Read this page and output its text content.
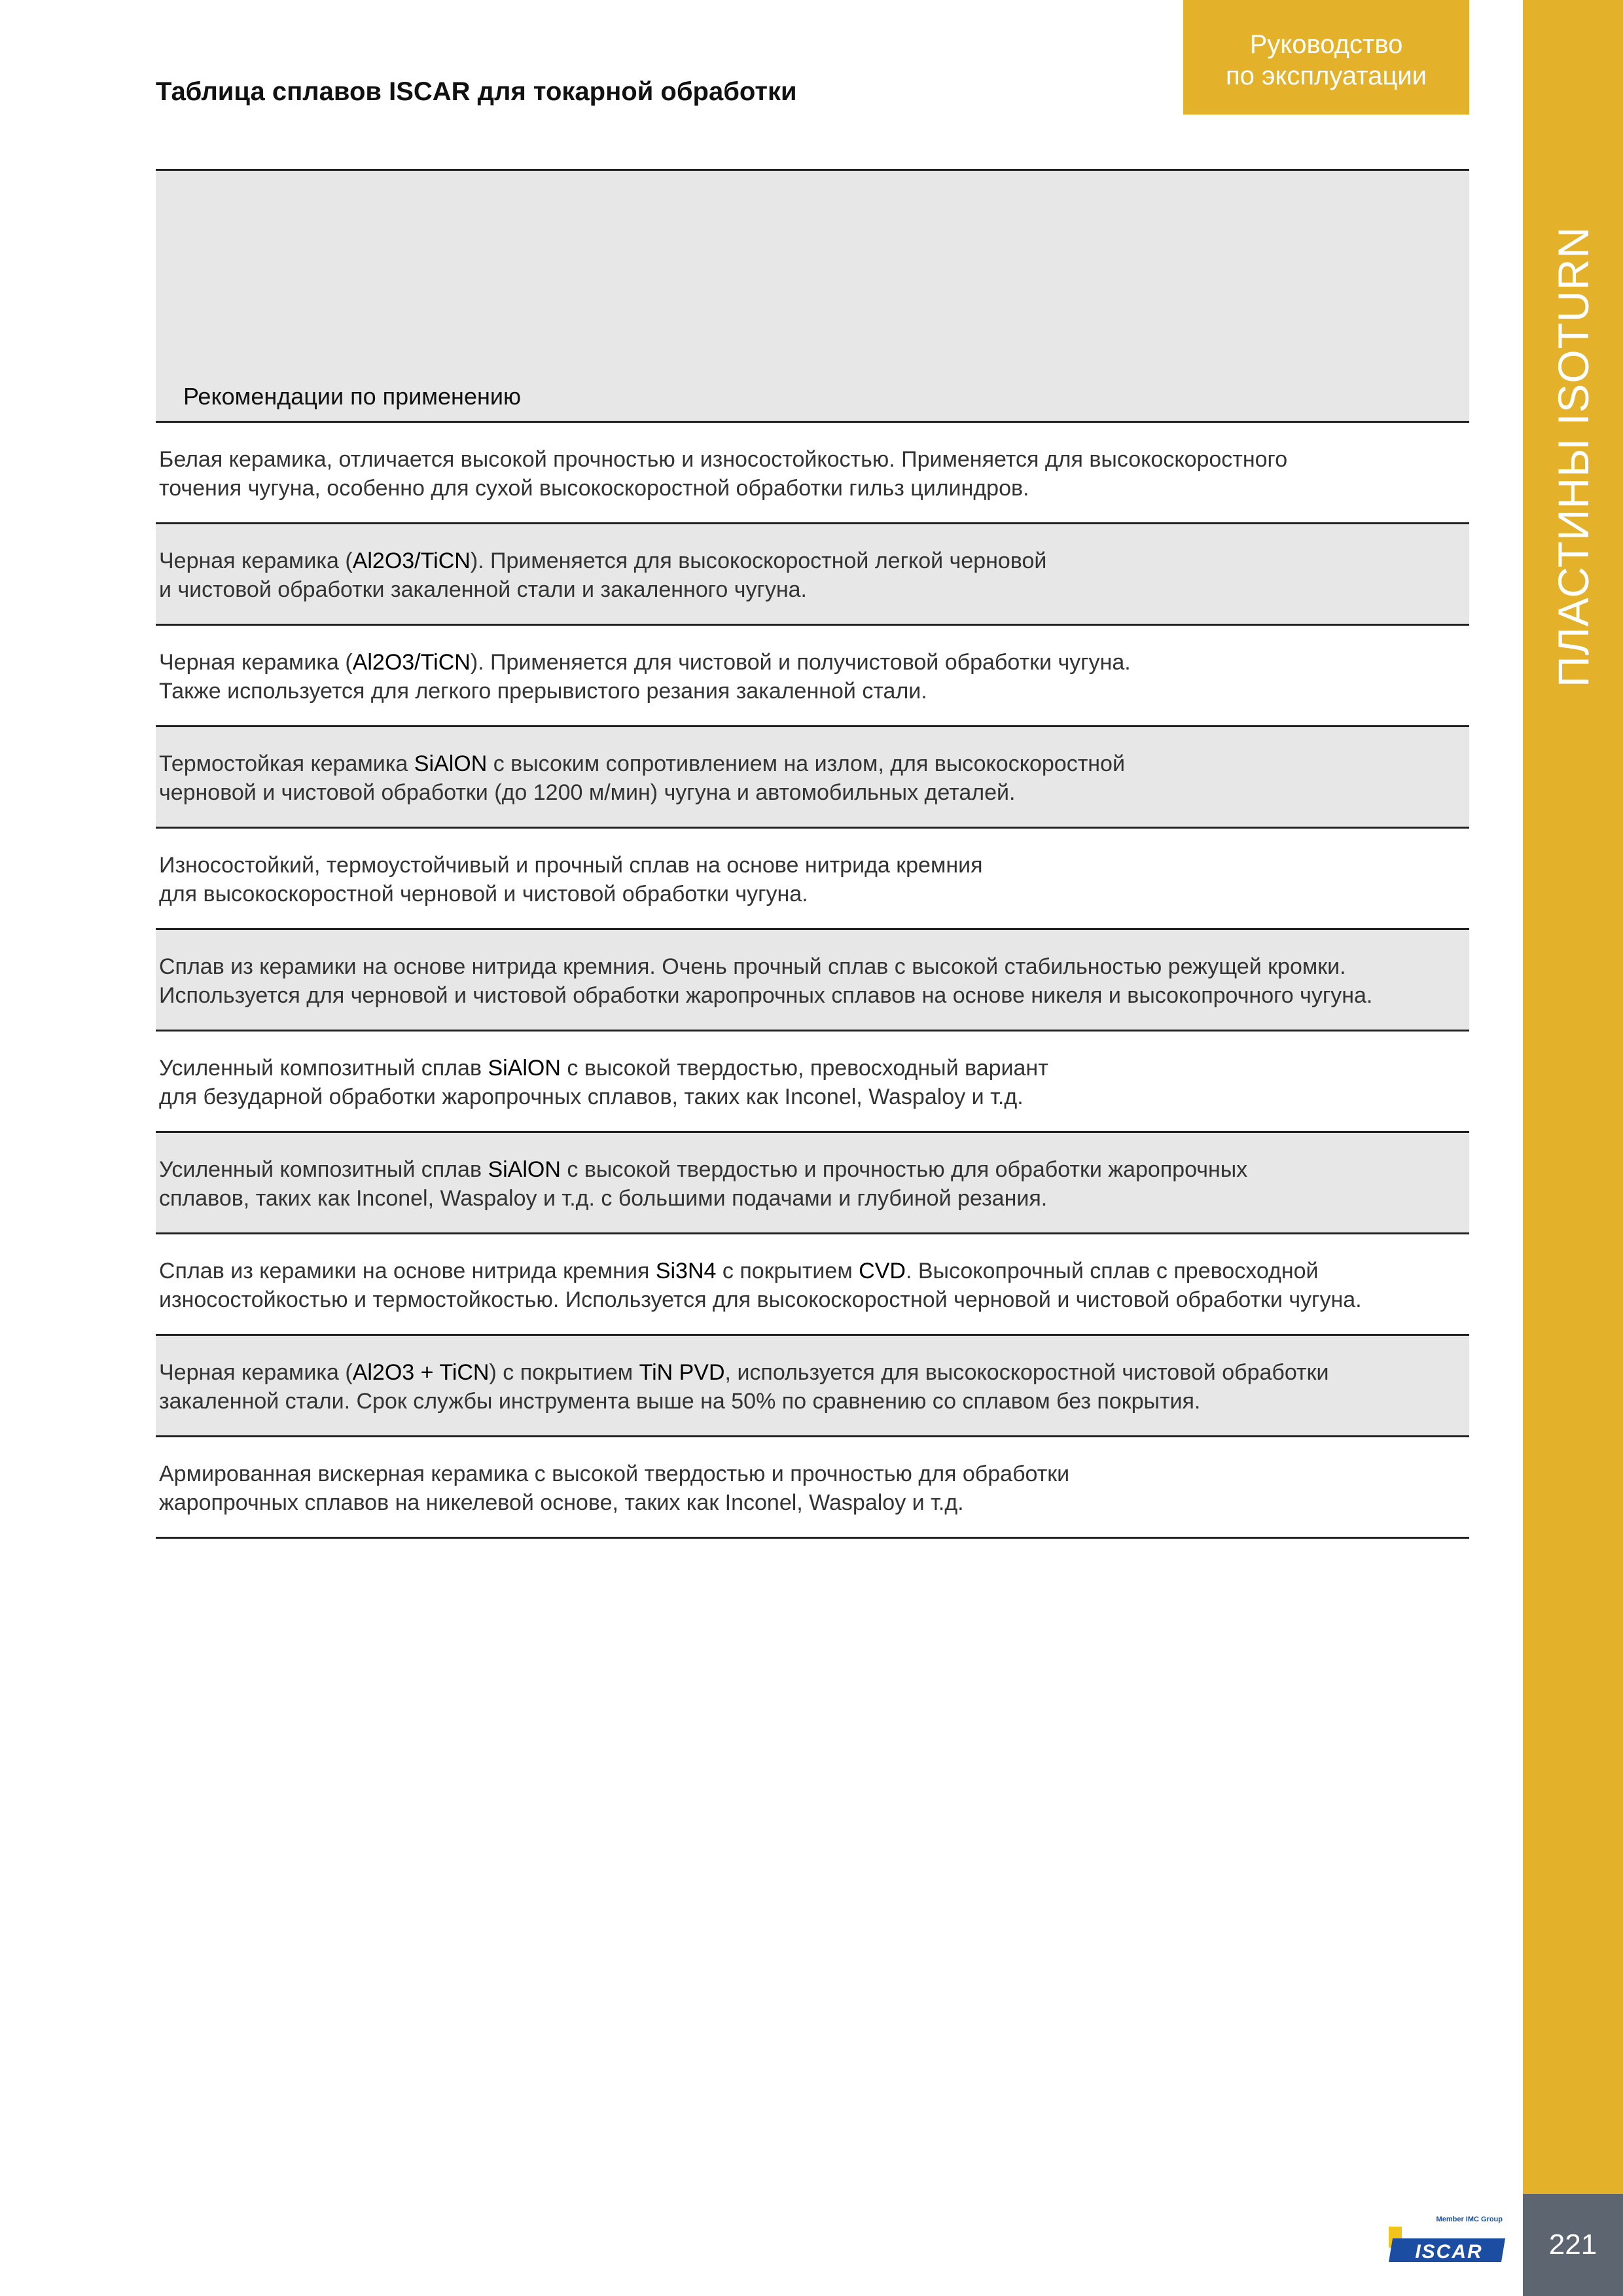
ПЛАСТИНЫ ISOTURN
221
Руководство
по эксплуатации
Таблица сплавов ISCAR для токарной обработки
Рекомендации по применению
Белая керамика, отличается высокой прочностью и износостойкостью. Применяется для высокоскоростного
точения чугуна, особенно для сухой высокоскоростной обработки гильз цилиндров.
Черная керамика (Al2O3/TiCN). Применяется для высокоскоростной легкой черновой
и чистовой обработки закаленной стали и закаленного чугуна.
Черная керамика (Al2O3/TiCN). Применяется для чистовой и получистовой обработки чугуна.
Также используется для легкого прерывистого резания закаленной стали.
Термостойкая керамика SiAlON с высоким сопротивлением на излом, для высокоскоростной
черновой и чистовой обработки (до 1200 м/мин) чугуна и автомобильных деталей.
Износостойкий, термоустойчивый и прочный сплав на основе нитрида кремния
для высокоскоростной черновой и чистовой обработки чугуна.
Сплав из керамики на основе нитрида кремния. Очень прочный сплав с высокой стабильностью режущей кромки.
Используется для черновой и чистовой обработки жаропрочных сплавов на основе никеля и высокопрочного чугуна.
Усиленный композитный сплав SiAlON с высокой твердостью, превосходный вариант
для безударной обработки жаропрочных сплавов, таких как Inconel, Waspaloy и т.д.
Усиленный композитный сплав SiAlON с высокой твердостью и прочностью для обработки жаропрочных
сплавов, таких как Inconel, Waspaloy и т.д. с большими подачами и глубиной резания.
Сплав из керамики на основе нитрида кремния Si3N4 с покрытием CVD. Высокопрочный сплав с превосходной
износостойкостью и термостойкостью. Используется для высокоскоростной черновой и чистовой обработки чугуна.
Черная керамика (Al2O3 + TiCN) с покрытием TiN PVD, используется для высокоскоростной чистовой обработки
закаленной стали. Срок службы инструмента выше на 50% по сравнению со сплавом без покрытия.
Армированная вискерная керамика с высокой твердостью и прочностью для обработки
жаропрочных сплавов на никелевой основе, таких как Inconel, Waspaloy и т.д.
Member IMC Group
ISCAR
